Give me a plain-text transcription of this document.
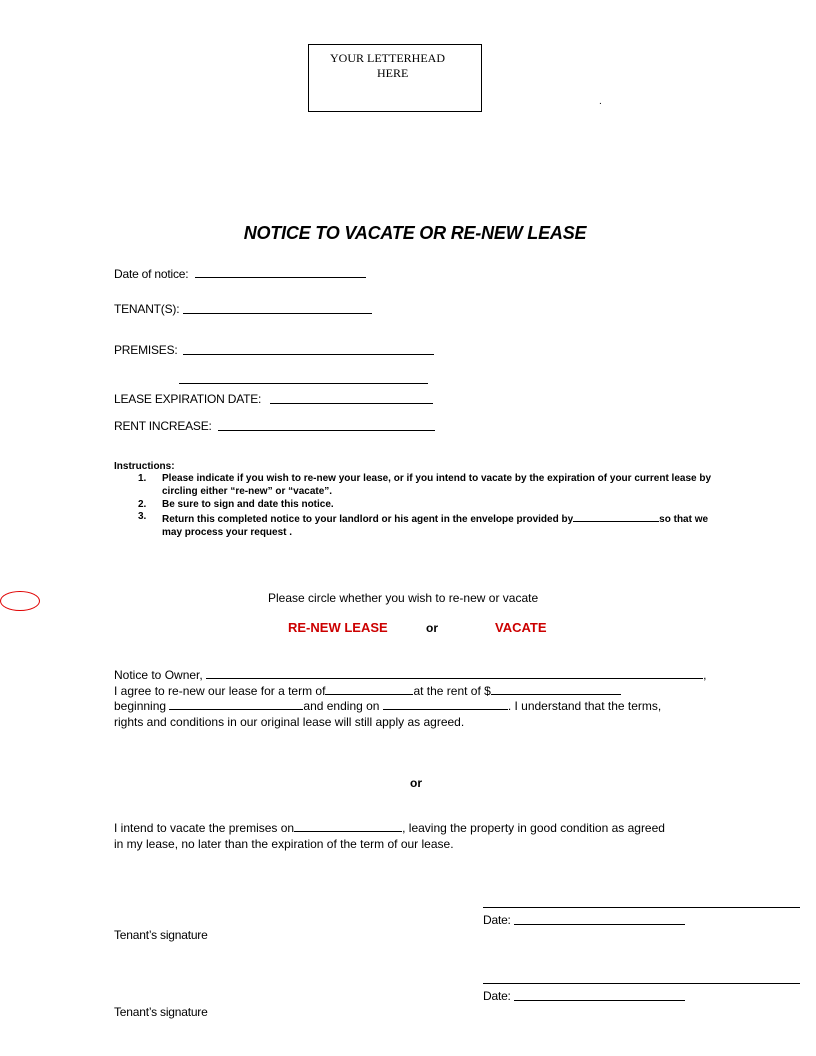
YOUR LETTERHEAD
HERE
.
NOTICE TO VACATE OR RE-NEW LEASE
Date of notice:
TENANT(S):
PREMISES:
LEASE EXPIRATION DATE:
RENT INCREASE:
Instructions:
1. Please indicate if you wish to re-new your lease, or if you intend to vacate by the expiration of your current lease by circling either “re-new” or “vacate”.
2. Be sure to sign and date this notice.
3. Return this completed notice to your landlord or his agent in the envelope provided by	so that we may process your request .
Please circle whether you wish to re-new or vacate
RE-NEW LEASE	or	VACATE
Notice to Owner,	,
I agree to re-new our lease for a term of	at the rent of $
beginning	and ending on	. I understand that the terms,
rights and conditions in our original lease will still apply as agreed.
or
I intend to vacate the premises on	, leaving the property in good condition as agreed
in my lease, no later than the expiration of the term of our lease.
Date:
Tenant’s signature
Date:
Tenant’s signature
